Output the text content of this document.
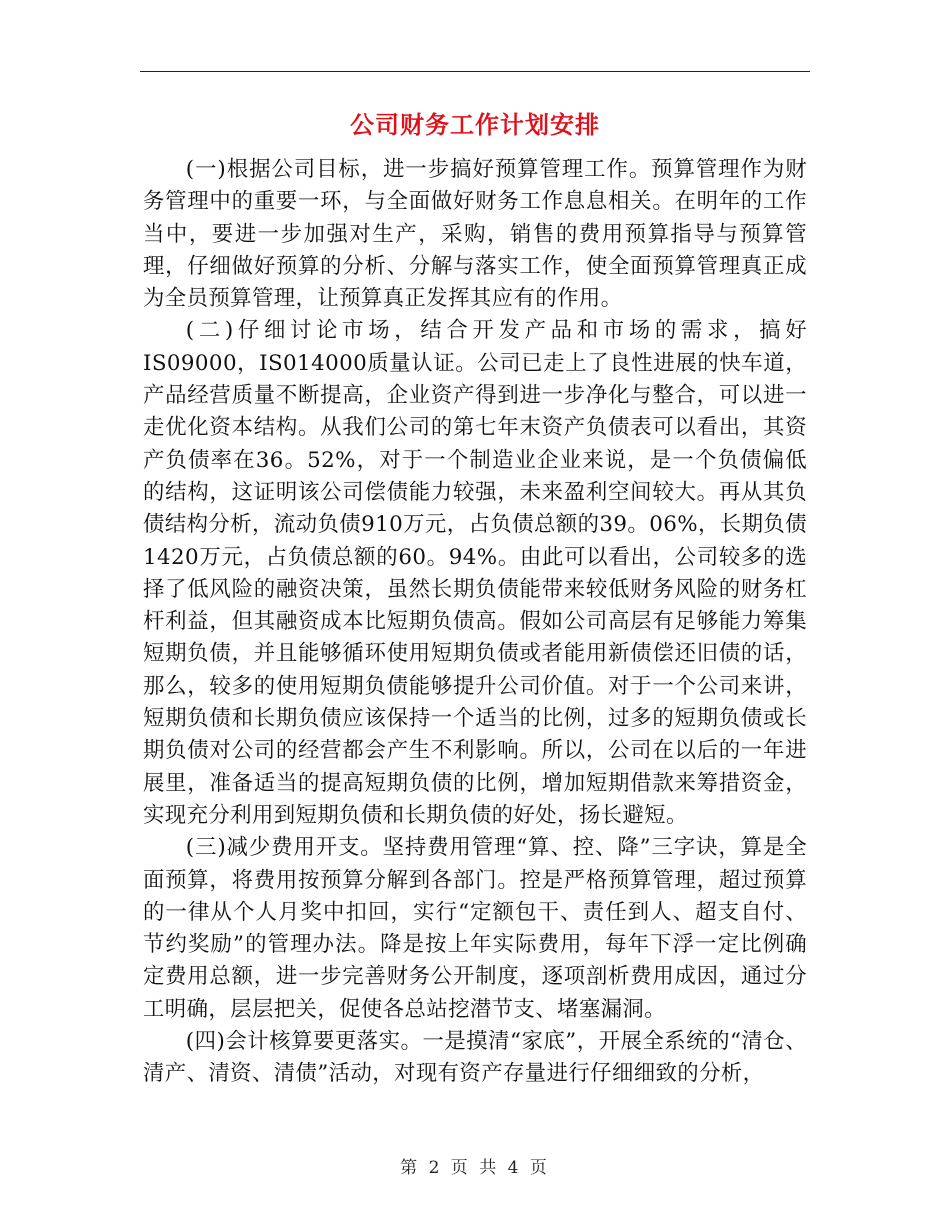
公司财务工作计划安排

(一)根据公司目标，进一步搞好预算管理工作。预算管理作为财务管理中的重要一环，与全面做好财务工作息息相关。在明年的工作当中，要进一步加强对生产，采购，销售的费用预算指导与预算管理，仔细做好预算的分析、分解与落实工作，使全面预算管理真正成为全员预算管理，让预算真正发挥其应有的作用。

(二)仔细讨论市场，结合开发产品和市场的需求，搞好IS09000，IS014000质量认证。公司已走上了良性进展的快车道，产品经营质量不断提高，企业资产得到进一步净化与整合，可以进一走优化资本结构。从我们公司的第七年末资产负债表可以看出，其资产负债率在36。52%，对于一个制造业企业来说，是一个负债偏低的结构，这证明该公司偿债能力较强，未来盈利空间较大。再从其负债结构分析，流动负债910万元，占负债总额的39。06%，长期负债1420万元，占负债总额的60。94%。由此可以看出，公司较多的选择了低风险的融资决策，虽然长期负债能带来较低财务风险的财务杠杆利益，但其融资成本比短期负债高。假如公司高层有足够能力筹集短期负债，并且能够循环使用短期负债或者能用新债偿还旧债的话，那么，较多的使用短期负债能够提升公司价值。对于一个公司来讲，短期负债和长期负债应该保持一个适当的比例，过多的短期负债或长期负债对公司的经营都会产生不利影响。所以，公司在以后的一年进展里，准备适当的提高短期负债的比例，增加短期借款来筹措资金，实现充分利用到短期负债和长期负债的好处，扬长避短。

(三)减少费用开支。坚持费用管理“算、控、降”三字诀，算是全面预算，将费用按预算分解到各部门。控是严格预算管理，超过预算的一律从个人月奖中扣回，实行“定额包干、责任到人、超支自付、节约奖励”的管理办法。降是按上年实际费用，每年下浮一定比例确定费用总额，进一步完善财务公开制度，逐项剖析费用成因，通过分工明确，层层把关，促使各总站挖潜节支、堵塞漏洞。

(四)会计核算要更落实。一是摸清“家底”，开展全系统的“清仓、清产、清资、清债”活动，对现有资产存量进行仔细细致的分析，

第 2 页 共 4 页
